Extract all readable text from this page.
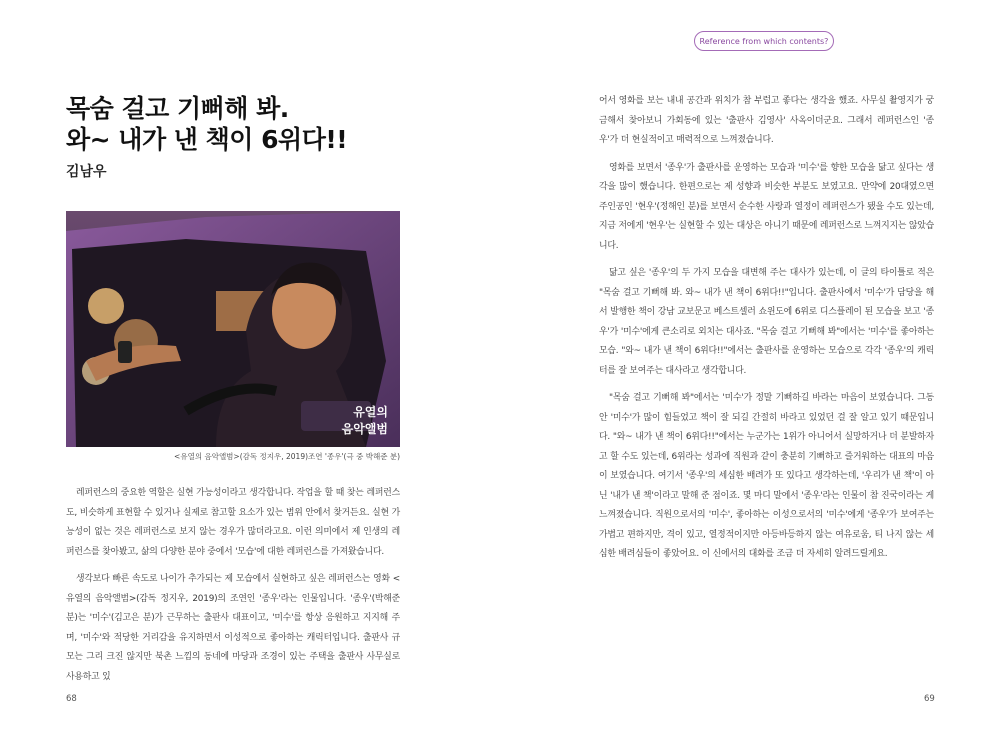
Reference from which contents?
목숨 걸고 기뻐해 봐.
와~ 내가 낸 책이 6위다!!
김남우
유열의
음악앨범
<유열의 음악앨범>(감독 정지우, 2019)조연 '종우'(극 중 박해준 분)

레퍼런스의 중요한 역할은 실현 가능성이라고 생각합니다. 작업을 할 때 찾는 레퍼런스도, 비슷하게 표현할 수 있거나 실제로 참고할 요소가 있는 범위 안에서 찾거든요. 실현 가능성이 없는 것은 레퍼런스로 보지 않는 경우가 많더라고요. 이런 의미에서 제 인생의 레퍼런스를 찾아봤고, 삶의 다양한 분야 중에서 '모습'에 대한 레퍼런스를 가져왔습니다.

생각보다 빠른 속도로 나이가 추가되는 제 모습에서 실현하고 싶은 레퍼런스는 영화 <유열의 음악앨범>(감독 정지우, 2019)의 조연인 '종우'라는 인물입니다. '종우'(박해준 분)는 '미수'(김고은 분)가 근무하는 출판사 대표이고, '미수'를 항상 응원하고 지지해 주며, '미수'와 적당한 거리감을 유지하면서 이성적으로 좋아하는 캐릭터입니다. 출판사 규모는 그리 크진 않지만 북촌 느낌의 동네에 마당과 조경이 있는 주택을 출판사 사무실로 사용하고 있

어서 영화를 보는 내내 공간과 위치가 참 부럽고 좋다는 생각을 했죠. 사무실 촬영지가 궁금해서 찾아보니 가회동에 있는 '출판사 김영사' 사옥이더군요. 그래서 레퍼런스인 '종우'가 더 현실적이고 매력적으로 느껴졌습니다.

영화를 보면서 '종우'가 출판사를 운영하는 모습과 '미수'를 향한 모습을 닮고 싶다는 생각을 많이 했습니다. 한편으로는 제 성향과 비슷한 부분도 보였고요. 만약에 20대였으면 주인공인 '현우'(정해인 분)를 보면서 순수한 사랑과 열정이 레퍼런스가 됐을 수도 있는데, 지금 저에게 '현우'는 실현할 수 있는 대상은 아니기 때문에 레퍼런스로 느껴지지는 않았습니다.

닮고 싶은 '종우'의 두 가지 모습을 대변해 주는 대사가 있는데, 이 글의 타이틀로 적은 "목숨 걸고 기뻐해 봐. 와~ 내가 낸 책이 6위다!!"입니다. 출판사에서 '미수'가 담당을 해서 발행한 책이 강남 교보문고 베스트셀러 쇼윈도에 6위로 디스플레이 된 모습을 보고 '종우'가 '미수'에게 큰소리로 외치는 대사죠. "목숨 걸고 기뻐해 봐"에서는 '미수'를 좋아하는 모습. "와~ 내가 낸 책이 6위다!!"에서는 출판사를 운영하는 모습으로 각각 '종우'의 캐릭터를 잘 보여주는 대사라고 생각합니다.

"목숨 걸고 기뻐해 봐"에서는 '미수'가 정말 기뻐하길 바라는 마음이 보였습니다. 그동안 '미수'가 많이 힘들었고 책이 잘 되길 간절히 바라고 있었던 걸 잘 알고 있기 때문입니다. "와~ 내가 낸 책이 6위다!!"에서는 누군가는 1위가 아니어서 실망하거나 더 분발하자고 할 수도 있는데, 6위라는 성과에 직원과 같이 충분히 기뻐하고 즐거워하는 대표의 마음이 보였습니다. 여기서 '종우'의 세심한 배려가 또 있다고 생각하는데, '우리가 낸 책'이 아닌 '내가 낸 책'이라고 말해 준 점이죠. 몇 마디 말에서 '종우'라는 인물이 참 진국이라는 게 느껴졌습니다. 직원으로서의 '미수', 좋아하는 이성으로서의 '미수'에게 '종우'가 보여주는 가볍고 편하지만, 격이 있고, 열정적이지만 아등바등하지 않는 여유로움, 티 나지 않는 세심한 배려심들이 좋았어요. 이 신에서의 대화를 조금 더 자세히 알려드릴게요.

68	69
